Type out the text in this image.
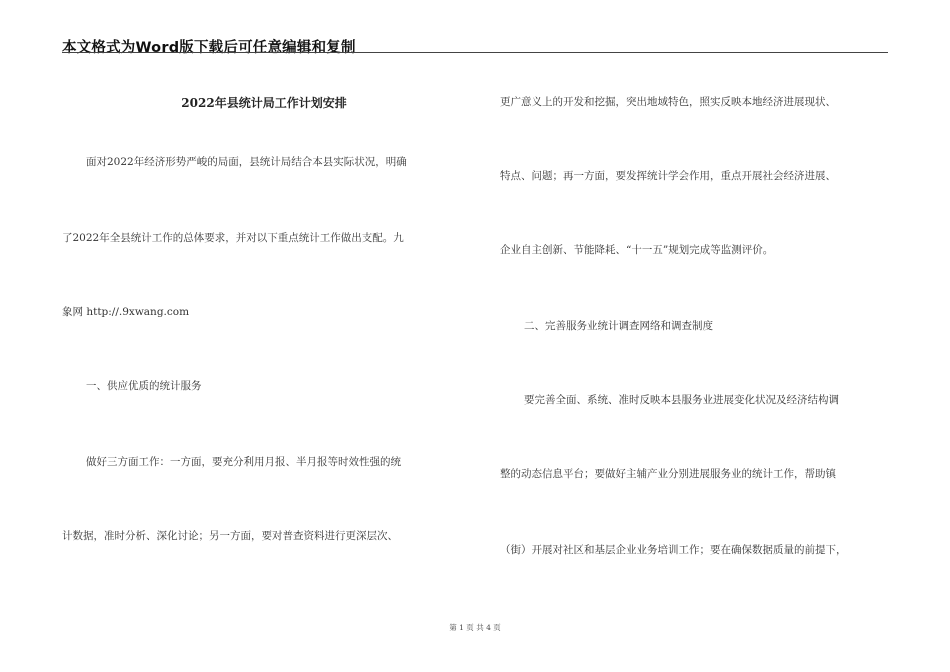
本文格式为Word版下载后可任意编辑和复制
2022年县统计局工作计划安排
面对2022年经济形势严峻的局面，县统计局结合本县实际状况，明确
了2022年全县统计工作的总体要求，并对以下重点统计工作做出支配。九
象网 http://.9xwang.com
一、供应优质的统计服务
做好三方面工作：一方面，要充分利用月报、半月报等时效性强的统
计数据，准时分析、深化讨论；另一方面，要对普查资料进行更深层次、
更广意义上的开发和挖掘，突出地域特色，照实反映本地经济进展现状、
特点、问题；再一方面，要发挥统计学会作用，重点开展社会经济进展、
企业自主创新、节能降耗、“十一五”规划完成等监测评价。
二、完善服务业统计调查网络和调查制度
要完善全面、系统、准时反映本县服务业进展变化状况及经济结构调
整的动态信息平台；要做好主辅产业分别进展服务业的统计工作，帮助镇
（街）开展对社区和基层企业业务培训工作；要在确保数据质量的前提下，
第 1 页 共 4 页
